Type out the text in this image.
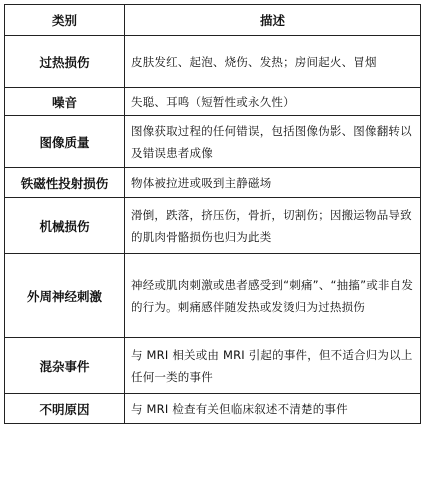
类别	描述
过热损伤	皮肤发红、起泡、烧伤、发热；房间起火、冒烟
噪音	失聪、耳鸣（短暂性或永久性）
图像质量	图像获取过程的任何错误，包括图像伪影、图像翻转以及错误患者成像
铁磁性投射损伤	物体被拉进或吸到主静磁场
机械损伤	滑倒，跌落，挤压伤，骨折，切割伤；因搬运物品导致的肌肉骨骼损伤也归为此类
外周神经刺激	神经或肌肉刺激或患者感受到“刺痛”、“抽搐”或非自发的行为。刺痛感伴随发热或发烫归为过热损伤
混杂事件	与 MRI 相关或由 MRI 引起的事件，但不适合归为以上任何一类的事件
不明原因	与 MRI 检查有关但临床叙述不清楚的事件
